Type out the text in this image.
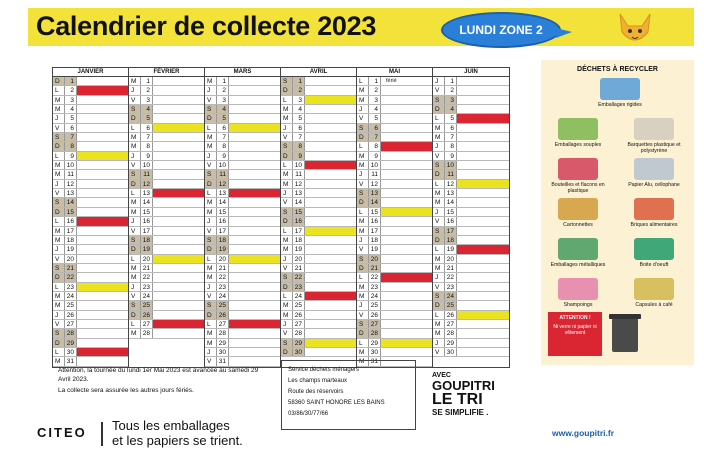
Calendrier de collecte 2023	LUNDI ZONE 2
JANVIER
D	1
L	2
M	3
M	4
J	5
V	6
S	7
D	8
L	9
M 10
M	11
J	12
V	13
S	14
D	15
L	16
M 17
M 18
J	19
V	20
S	21
D	22
L	23
M 24
M 25
J	26
V	27
S	28
D	29
L	30
M 31
FÉVRIER
M	1
J	2
V	3
S	4
D	5
L	6
M	7
M	8
J	9
V	10
S	11
D	12
L	13
M 14
M 15
J	16
V	17
S	18
D	19
L	20
M 21
M 22
J	23
V	24
S	25
D	26
L	27
M 28
MARS
M	1
J	2
V	3
S	4
D	5
L	6
M	7
M	8
J	9
V	10
S	11
D	12
L	13
M 14
M 15
J	16
V	17
S	18
D	19
L	20
M 21
M 22
J	23
V	24
S	25
D	26
L	27
M 28
M 29
J	30
V	31
AVRIL
S	1
D	2
L	3
M	4
M	5
J	6
V	7
S	8
D	9
L	10
M	11
M 12
J	13
V	14
S	15
D	16
L	17
M 18
M 19
J	20
V	21
S	22
D	23
L	24
M 25
M 26
J	27
V	28
S	29
D	30
MAI
L	1	férié
M	2
M	3
J	4
V	5
S	6
D	7
L	8
M	9
M 10
J	11
V	12
S	13
D	14
L	15
M 16
M 17
J	18
V	19
S	20
D	21
L	22
M 23
M 24
J	25
V	26
S	27
D	28
L	29
M 30
M 31
JUIN
J	1
V	2
S	3
D	4
L	5
M	6
M	7
J	8
V	9
S	10
D	11
L	12
M 13
M 14
J	15
V	16
S	17
D	18
L	19
M 20
M 21
J	22
V	23
S	24
D	25
L	26
M 27
M 28
J	29
V	30
DÉCHETS À RECYCLER
Emballages rigides
Emballages souples	Barquettes plastique et polystyrène
Bouteilles et flacons en plastique
Papier Alu, cellophane
Cartonnettes	Briques alimentaires
Emballages métalliques	Boite d'oeuft
Shampoings	Capsules à café
ATTENTION !
Ni verre ni papier ni vêtement

Attention, la tournée du lundi 1er Mai 2023 est avancée au samedi 29 Avril 2023.

La collecte sera assurée les autres jours fériés.

Service déchets ménagers
Les champs marteaux
Route des réservoirs
58360 SAINT HONORE LES BAINS
03/86/30/77/66
AVEC
GOUPITRI
LE TRI
SE SIMPLIFIE .
www.goupitri.fr
CITEO Tous les emballages
et les papiers se trient.
